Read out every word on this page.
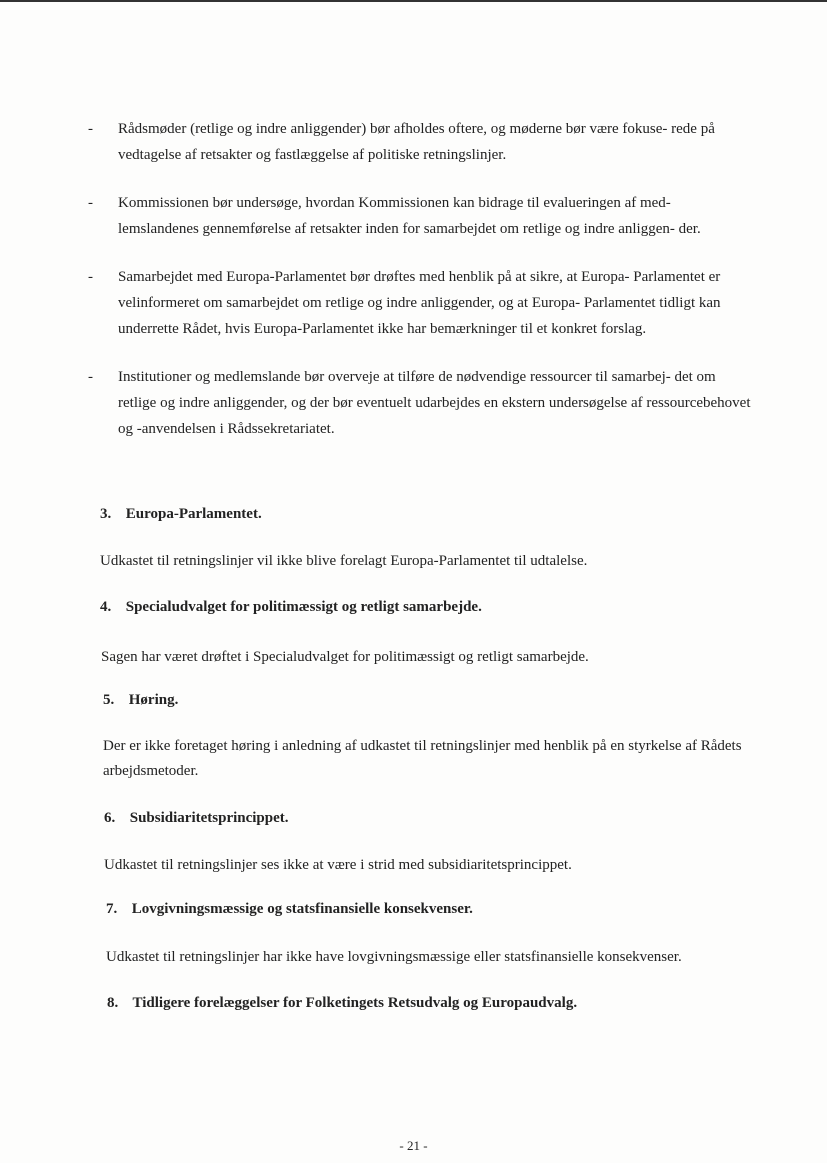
-	Rådsmøder (retlige og indre anliggender) bør afholdes oftere, og møderne bør være fokuse- rede på vedtagelse af retsakter og fastlæggelse af politiske retningslinjer.
-	Kommissionen bør undersøge, hvordan Kommissionen kan bidrage til evalueringen af med- lemslandenes gennemførelse af retsakter inden for samarbejdet om retlige og indre anliggen- der.
-	Samarbejdet med Europa-Parlamentet bør drøftes med henblik på at sikre, at Europa- Parlamentet er velinformeret om samarbejdet om retlige og indre anliggender, og at Europa- Parlamentet tidligt kan underrette Rådet, hvis Europa-Parlamentet ikke har bemærkninger til et konkret forslag.
-	Institutioner og medlemslande bør overveje at tilføre de nødvendige ressourcer til samarbej- det om retlige og indre anliggender, og der bør eventuelt udarbejdes en ekstern undersøgelse af ressourcebehovet og -anvendelsen i Rådssekretariatet.
3. Europa-Parlamentet.
Udkastet til retningslinjer vil ikke blive forelagt Europa-Parlamentet til udtalelse.
4. Specialudvalget for politimæssigt og retligt samarbejde.
Sagen har været drøftet i Specialudvalget for politimæssigt og retligt samarbejde.
5. Høring.
Der er ikke foretaget høring i anledning af udkastet til retningslinjer med henblik på en styrkelse af Rådets arbejdsmetoder.
6. Subsidiaritetsprincippet.
Udkastet til retningslinjer ses ikke at være i strid med subsidiaritetsprincippet.
7. Lovgivningsmæssige og statsfinansielle konsekvenser.
Udkastet til retningslinjer har ikke have lovgivningsmæssige eller statsfinansielle konsekvenser.
8. Tidligere forelæggelser for Folketingets Retsudvalg og Europaudvalg.
- 21 -
